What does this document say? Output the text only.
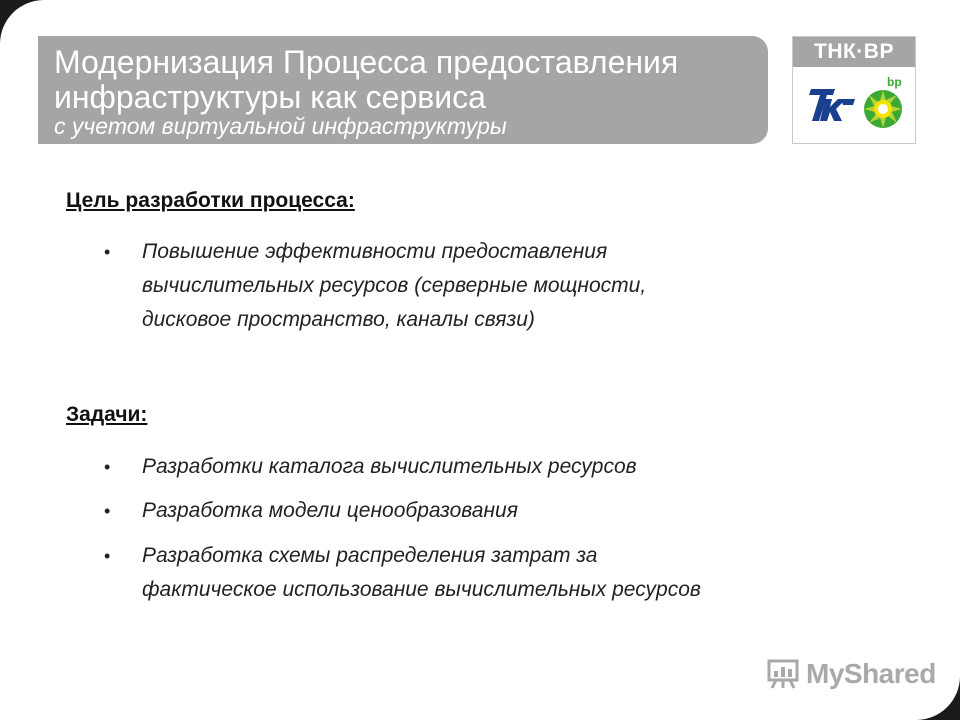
Модернизация Процесса предоставления
инфраструктуры как сервиса
с учетом виртуальной инфраструктуры
ТНК·BP
bp
Цель разработки процесса:
• Повышение эффективности предоставления
вычислительных ресурсов (серверные мощности,
дисковое пространство, каналы связи)
Задачи:
• Разработки каталога вычислительных ресурсов
• Разработка модели ценообразования
• Разработка схемы распределения затрат за
фактическое использование вычислительных ресурсов
MyShared
